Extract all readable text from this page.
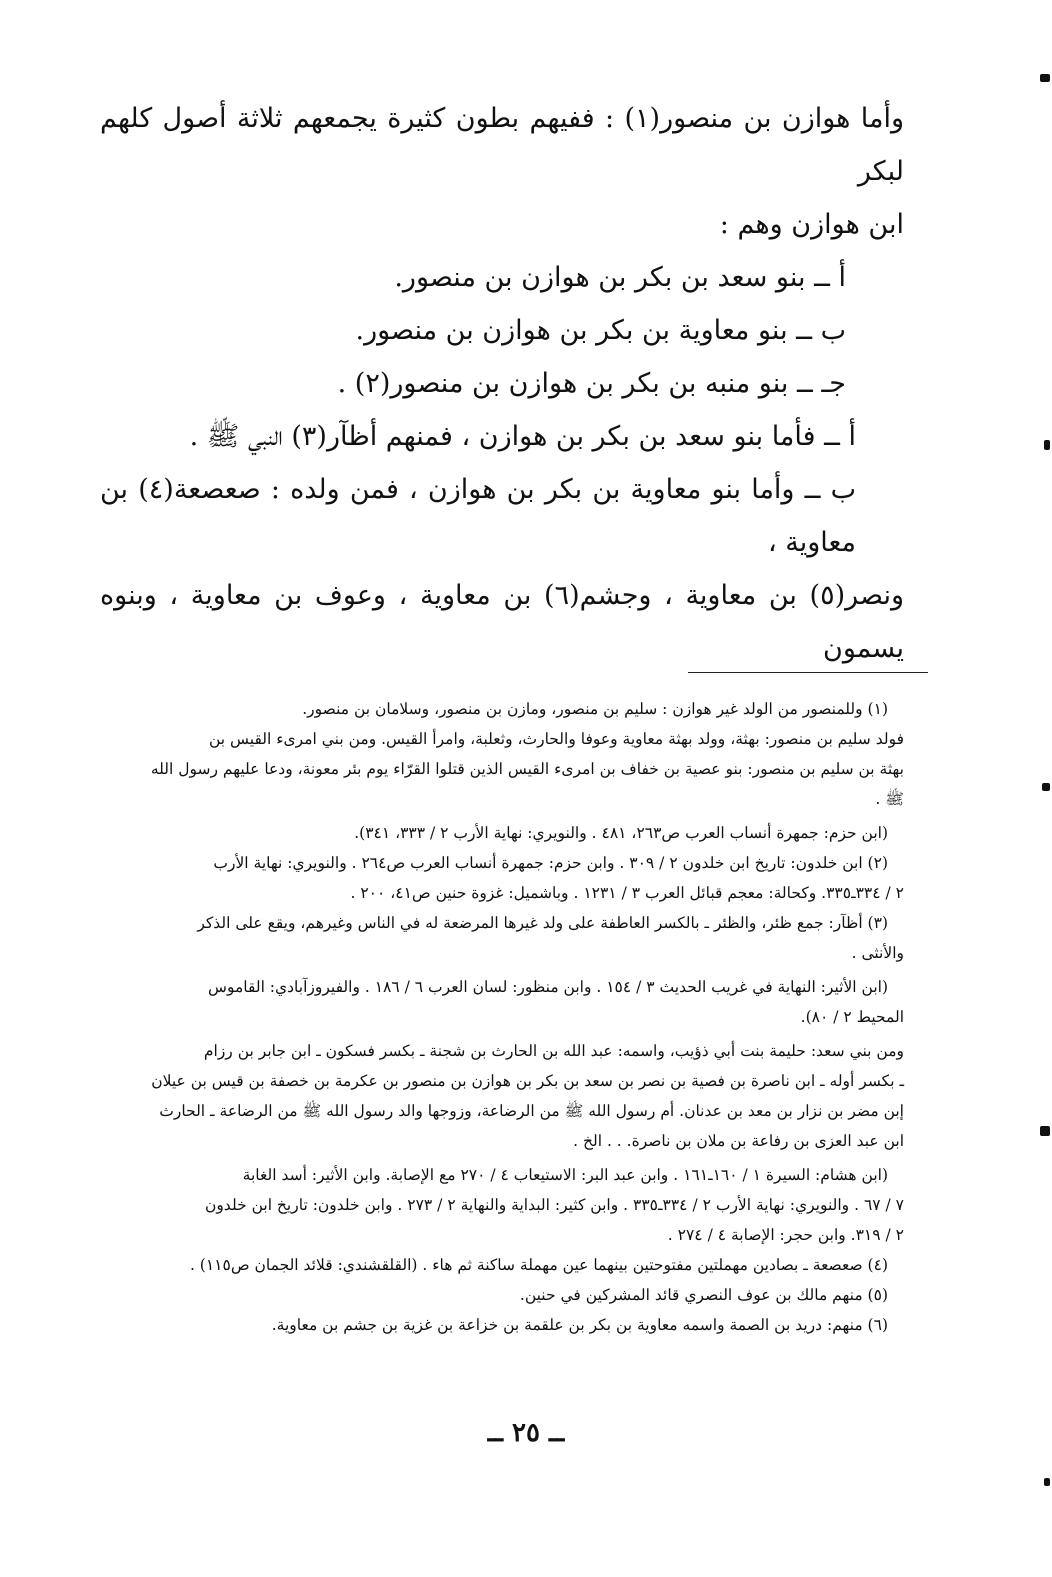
وأما هوازن بن منصور(١) : ففيهم بطون كثيرة يجمعهم ثلاثة أصول كلهم لبكر

ابن هوازن وهم :

أ ــ بنو سعد بن بكر بن هوازن بن منصور.

ب ــ بنو معاوية بن بكر بن هوازن بن منصور.

جـ ــ بنو منبه بن بكر بن هوازن بن منصور(٢) .

أ ــ فأما بنو سعد بن بكر بن هوازن ، فمنهم أظآر(٣) النبي ﷺ .

ب ــ وأما بنو معاوية بن بكر بن هوازن ، فمن ولده : صعصعة(٤) بن معاوية ،

ونصر(٥) بن معاوية ، وجشم(٦) بن معاوية ، وعوف بن معاوية ، وبنوه يسمون

(١) وللمنصور من الولد غير هوازن : سليم بن منصور، ومازن بن منصور، وسلامان بن منصور.

فولد سليم بن منصور: بهثة، وولد بهثة معاوية وعوفا والحارث، وثعلبة، وامرأ القيس. ومن بني امرىء القيس بن

بهثة بن سليم بن منصور: بنو عصية بن خفاف بن امرىء القيس الذين قتلوا القرّاء يوم بئر معونة، ودعا عليهم رسول الله

ﷺ .

(ابن حزم: جمهرة أنساب العرب ص٢٦٣، ٤٨١ . والنويري: نهاية الأرب ٢ / ٣٣٣، ٣٤١).

(٢) ابن خلدون: تاريخ ابن خلدون ٢ / ٣٠٩ . وابن حزم: جمهرة أنساب العرب ص٢٦٤ . والنويري: نهاية الأرب

٢ / ٣٣٤ـ٣٣٥. وكحالة: معجم قبائل العرب ٣ / ١٢٣١ . وباشميل: غزوة حنين ص٤١، ٢٠٠ .

(٣) أظآر: جمع ظئر، والظئر ـ بالكسر العاطفة على ولد غيرها المرضعة له في الناس وغيرهم، ويقع على الذكر

والأنثى .

(ابن الأثير: النهاية في غريب الحديث ٣ / ١٥٤ . وابن منظور: لسان العرب ٦ / ١٨٦ . والفيروزآبادي: القاموس

المحيط ٢ / ٨٠).

ومن بني سعد: حليمة بنت أبي ذؤيب، واسمه: عبد الله بن الحارث بن شجنة ـ بكسر فسكون ـ ابن جابر بن رزام

ـ بكسر أوله ـ ابن ناصرة بن فصية بن نصر بن سعد بن بكر بن هوازن بن منصور بن عكرمة بن خصفة بن قيس بن عيلان

إبن مضر بن نزار بن معد بن عدنان. أم رسول الله ﷺ من الرضاعة، وزوجها والد رسول الله ﷺ من الرضاعة ـ الحارث

ابن عبد العزى بن رفاعة بن ملان بن ناصرة. . . الخ .

(ابن هشام: السيرة ١ / ١٦٠ـ١٦١ . وابن عبد البر: الاستيعاب ٤ / ٢٧٠ مع الإصابة. وابن الأثير: أسد الغابة

٧ / ٦٧ . والنويري: نهاية الأرب ٢ / ٣٣٤ـ٣٣٥ . وابن كثير: البداية والنهاية ٢ / ٢٧٣ . وابن خلدون: تاريخ ابن خلدون

٢ / ٣١٩. وابن حجر: الإصابة ٤ / ٢٧٤ .

(٤) صعصعة ـ بصادين مهملتين مفتوحتين بينهما عين مهملة ساكنة ثم هاء . (القلقشندي: قلائد الجمان ص١١٥) .

(٥) منهم مالك بن عوف النصري قائد المشركين في حنين.

(٦) منهم: دريد بن الصمة واسمه معاوية بن بكر بن علقمة بن خزاعة بن غزية بن جشم بن معاوية.

ــ ٢٥ ــ
